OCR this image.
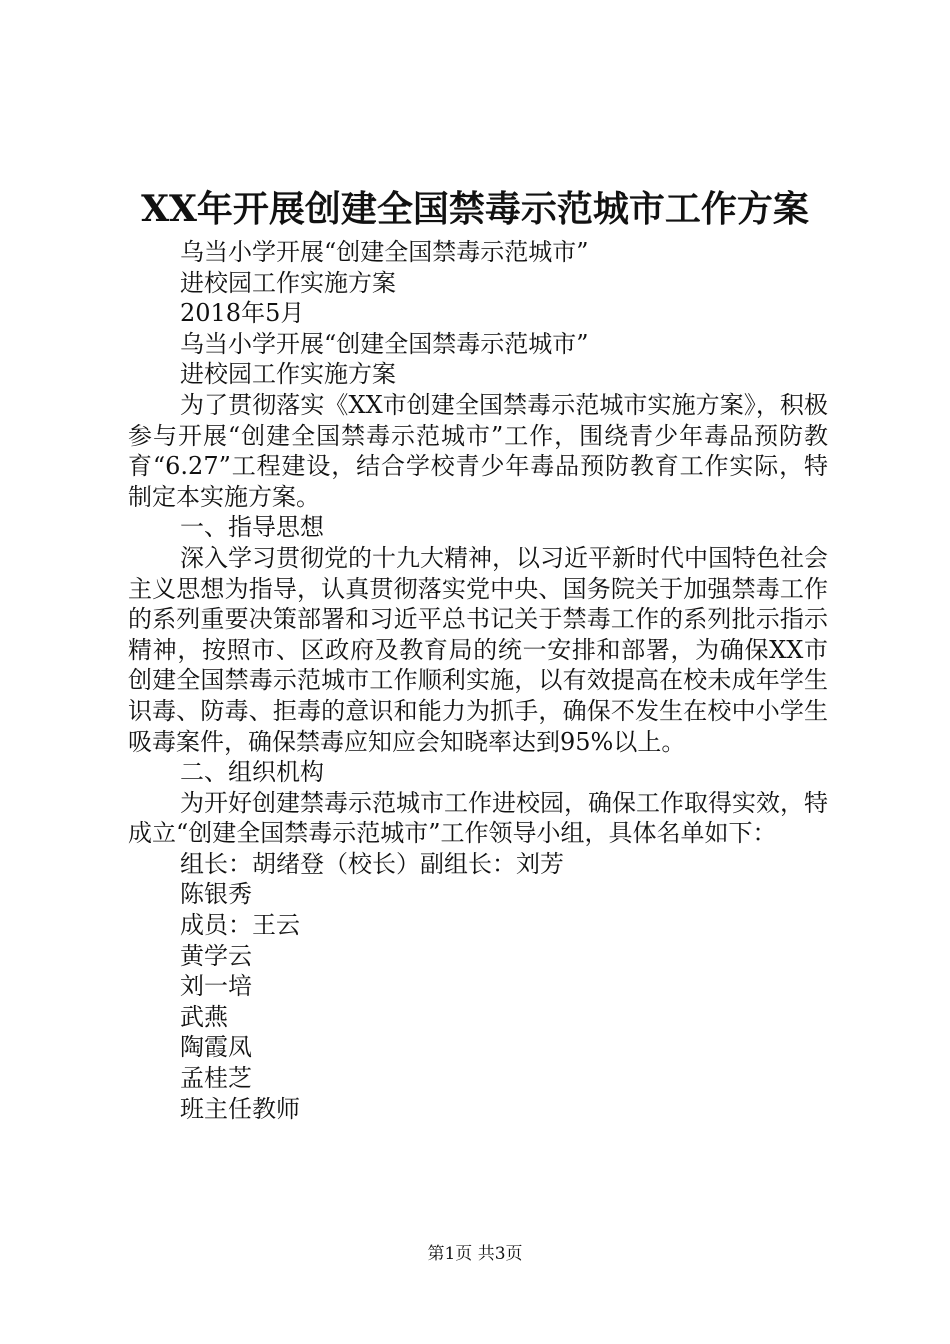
XX年开展创建全国禁毒示范城市工作方案

乌当小学开展“创建全国禁毒示范城市”

进校园工作实施方案

2018年5月

乌当小学开展“创建全国禁毒示范城市”

进校园工作实施方案

为了贯彻落实《XX市创建全国禁毒示范城市实施方案》，积极参与开展“创建全国禁毒示范城市”工作，围绕青少年毒品预防教育“6.27”工程建设，结合学校青少年毒品预防教育工作实际，特制定本实施方案。

一、指导思想

深入学习贯彻党的十九大精神，以习近平新时代中国特色社会主义思想为指导，认真贯彻落实党中央、国务院关于加强禁毒工作的系列重要决策部署和习近平总书记关于禁毒工作的系列批示指示精神，按照市、区政府及教育局的统一安排和部署，为确保XX市创建全国禁毒示范城市工作顺利实施，以有效提高在校未成年学生识毒、防毒、拒毒的意识和能力为抓手，确保不发生在校中小学生吸毒案件，确保禁毒应知应会知晓率达到95%以上。

二、组织机构

为开好创建禁毒示范城市工作进校园，确保工作取得实效，特成立“创建全国禁毒示范城市”工作领导小组，具体名单如下：

组长：胡绪登（校长）副组长：刘芳

陈银秀

成员：王云

黄学云

刘一培

武燕

陶霞凤

孟桂芝

班主任教师

第1页 共3页
